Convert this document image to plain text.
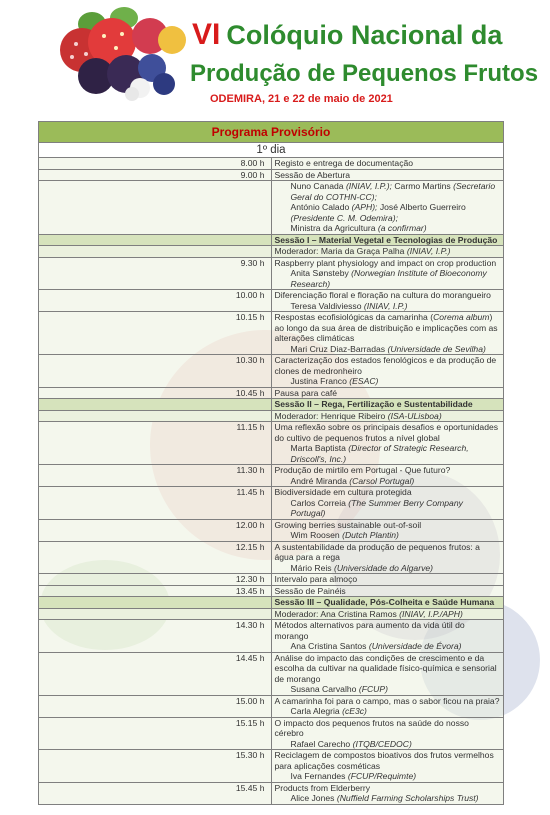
VI Colóquio Nacional da
Produção de Pequenos Frutos
ODEMIRA, 21 e 22 de maio de 2021
Programa Provisório	
1º dia	
8.00 h	Registo e entrega de documentação
9.00 h	Sessão de Abertura

	Nuno Canada (INIAV, I.P.); Carmo Martins (Secretario Geral do COTHN-CC);
António Calado (APH); José Alberto Guerreiro (Presidente C. M. Odemira);
Ministra da Agricultura (a confirmar)

	Sessão I – Material Vegetal e Tecnologias de Produção
	Moderador: Maria da Graça Palha (INIAV, I.P.)
9.30 h	Raspberry plant physiology and impact on crop production
Anita Sønsteby (Norwegian Institute of Bioeconomy Research)

10.00 h	Diferenciação floral e floração na cultura do morangueiro
Teresa Valdiviesso (INIAV, I.P.)

10.15 h	Respostas ecofisiológicas da camarinha (Corema album) ao longo da sua área de distribuição e implicações com as alterações climáticas
Mari Cruz Diaz-Barradas (Universidade de Sevilha)

10.30 h	Caracterização dos estados fenológicos e da produção de clones de medronheiro
Justina Franco (ESAC)

10.45 h	Pausa para café
	Sessão II – Rega, Fertilização e Sustentabilidade
	Moderador: Henrique Ribeiro (ISA-ULisboa)
11.15 h	Uma reflexão sobre os principais desafios e oportunidades do cultivo de pequenos frutos a nível global
Marta Baptista (Director of Strategic Research, Driscoll's, Inc.)

11.30 h	Produção de mirtilo em Portugal - Que futuro?
André Miranda (Carsol Portugal)

11.45 h	Biodiversidade em cultura protegida
Carlos Correia (The Summer Berry Company Portugal)

12.00 h	Growing berries sustainable out-of-soil
Wim Roosen (Dutch Plantin)

12.15 h	A sustentabilidade da produção de pequenos frutos: a água para a rega
Mário Reis (Universidade do Algarve)

12.30 h	Intervalo para almoço
13.45 h	Sessão de Painéis
	Sessão III – Qualidade, Pós-Colheita e Saúde Humana
	Moderador: Ana Cristina Ramos (INIAV, I.P./APH)
14.30 h	Métodos alternativos para aumento da vida útil do morango
Ana Cristina Santos (Universidade de Évora)

14.45 h	Análise do impacto das condições de crescimento e da escolha da cultivar na qualidade físico-química e sensorial de morango
Susana Carvalho (FCUP)

15.00 h	A camarinha foi para o campo, mas o sabor ficou na praia?
Carla Alegria (cE3c)

15.15 h	O impacto dos pequenos frutos na saúde do nosso cérebro
Rafael Carecho (ITQB/CEDOC)

15.30 h	Reciclagem de compostos bioativos dos frutos vermelhos para aplicações cosméticas
Iva Fernandes (FCUP/Requimte)

15.45 h	Products from Elderberry
Alice Jones (Nuffield Farming Scholarships Trust)
